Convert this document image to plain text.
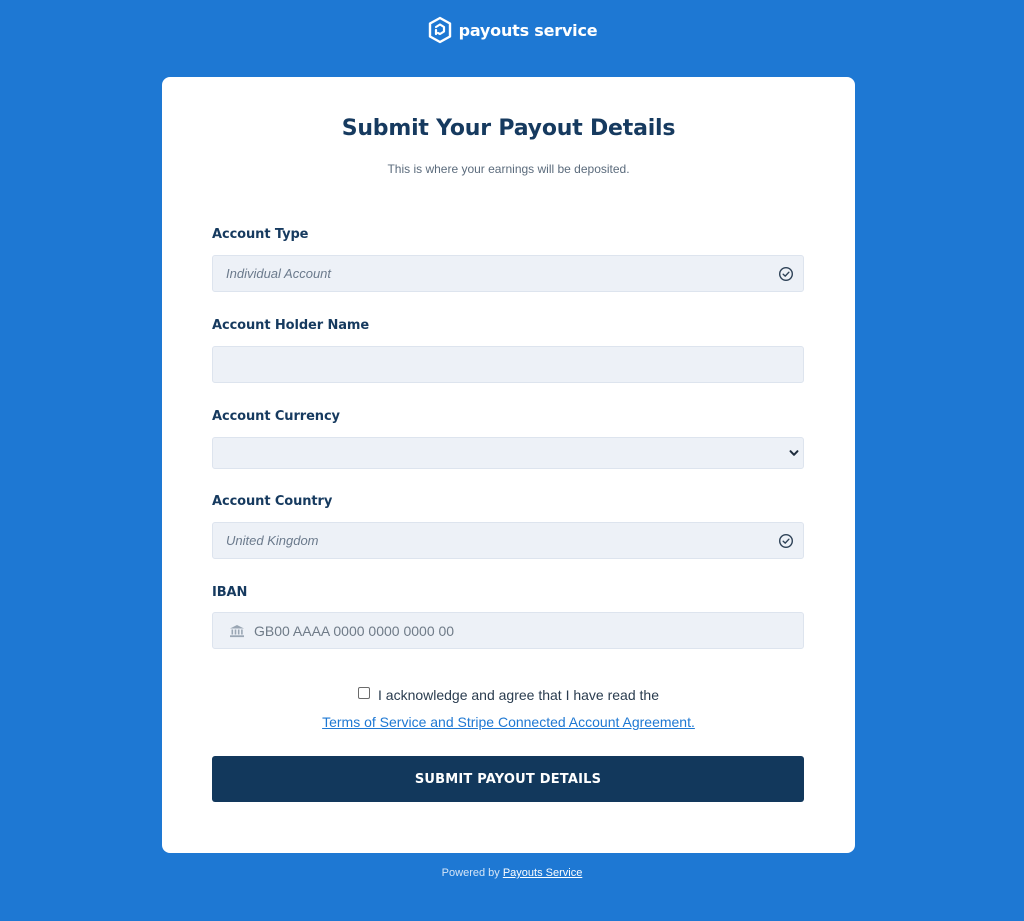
payouts service
Submit Your Payout Details

This is where your earnings will be deposited.

Account Type
Individual Account
Account Holder Name
Account Currency
Account Country
United Kingdom
IBAN
GB00 AAAA 0000 0000 0000 00
I acknowledge and agree that I have read the
Terms of Service and Stripe Connected Account Agreement.
SUBMIT PAYOUT DETAILS
Powered by Payouts Service
